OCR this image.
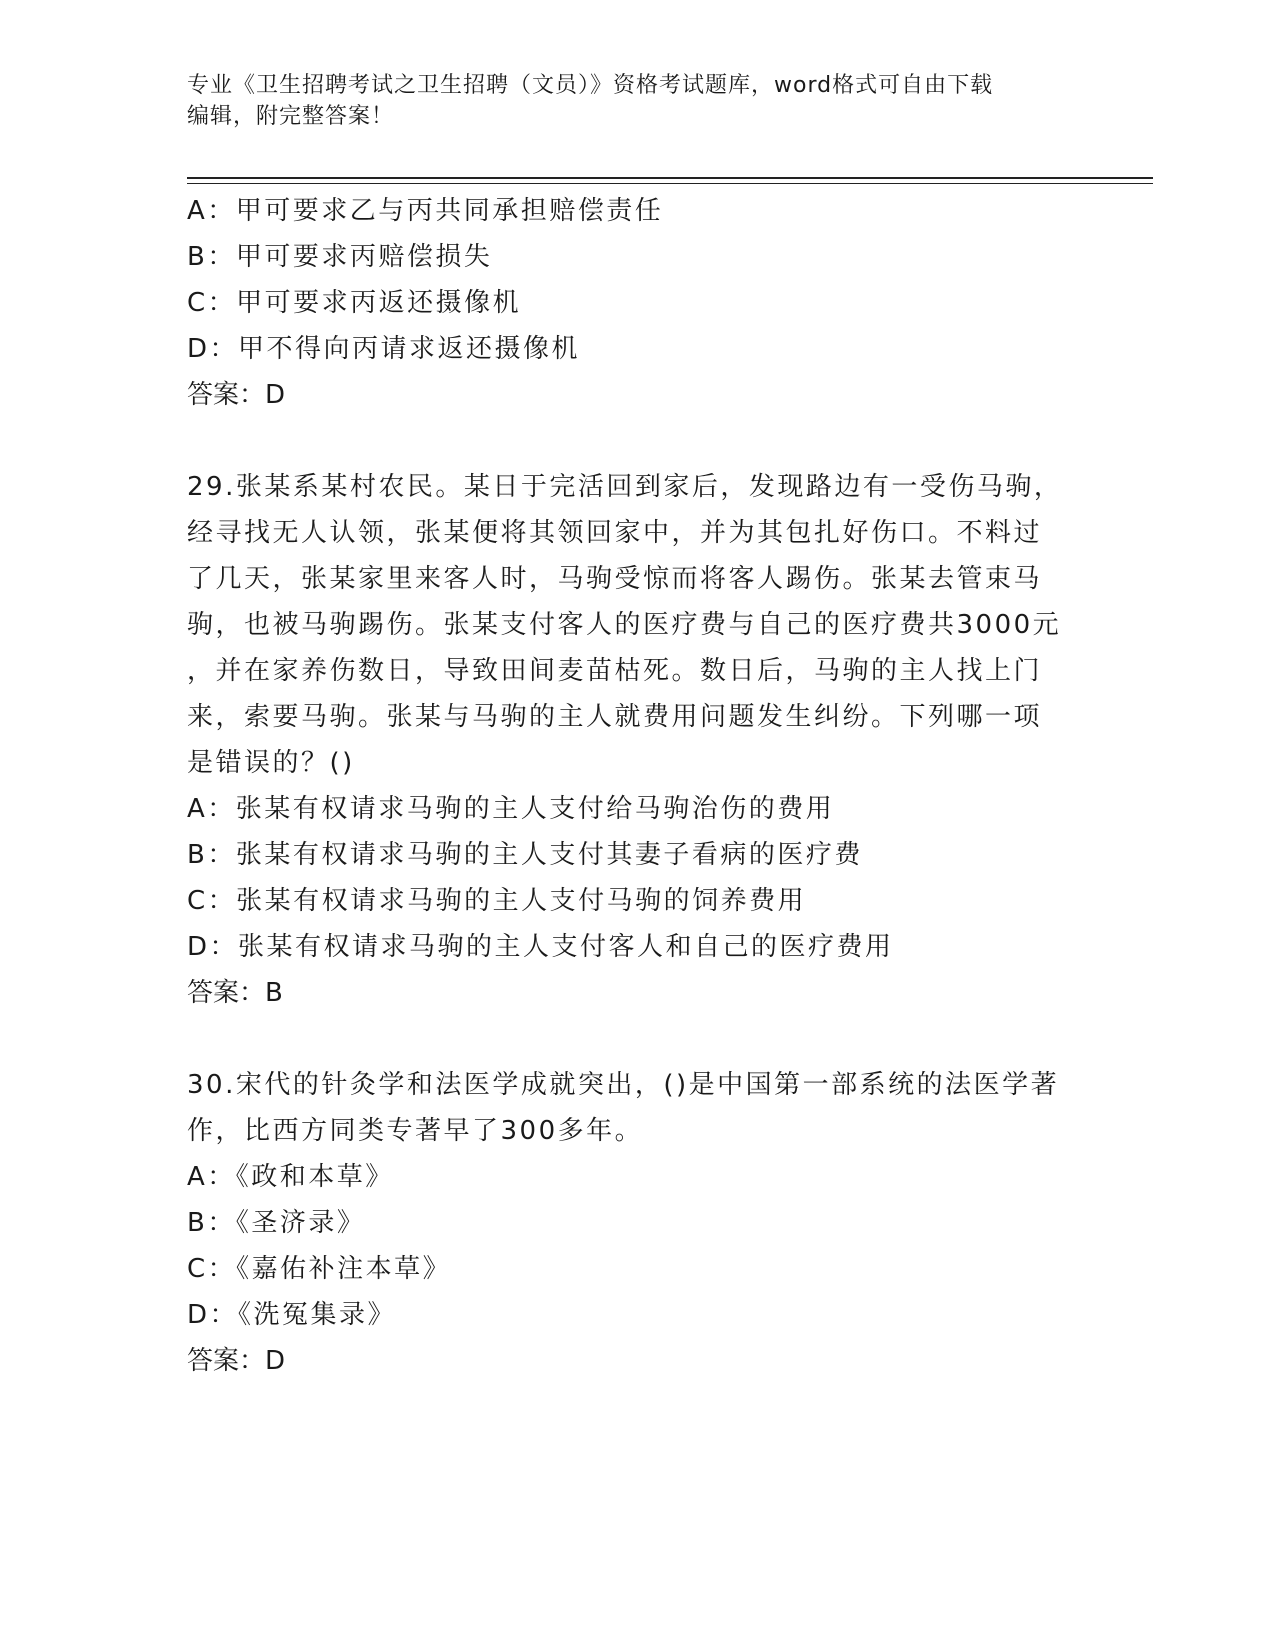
专业《卫生招聘考试之卫生招聘（文员）》资格考试题库，word格式可自由下载
编辑，附完整答案！
A：甲可要求乙与丙共同承担赔偿责任
B：甲可要求丙赔偿损失
C：甲可要求丙返还摄像机
D：甲不得向丙请求返还摄像机
答案：D
29.张某系某村农民。某日于完活回到家后，发现路边有一受伤马驹，
经寻找无人认领，张某便将其领回家中，并为其包扎好伤口。不料过
了几天，张某家里来客人时，马驹受惊而将客人踢伤。张某去管束马
驹，也被马驹踢伤。张某支付客人的医疗费与自己的医疗费共3000元
，并在家养伤数日，导致田间麦苗枯死。数日后，马驹的主人找上门
来，索要马驹。张某与马驹的主人就费用问题发生纠纷。下列哪一项
是错误的？()
A：张某有权请求马驹的主人支付给马驹治伤的费用
B：张某有权请求马驹的主人支付其妻子看病的医疗费
C：张某有权请求马驹的主人支付马驹的饲养费用
D：张某有权请求马驹的主人支付客人和自己的医疗费用
答案：B
30.宋代的针灸学和法医学成就突出，()是中国第一部系统的法医学著
作，比西方同类专著早了300多年。
A：《政和本草》
B：《圣济录》
C：《嘉佑补注本草》
D：《洗冤集录》
答案：D
